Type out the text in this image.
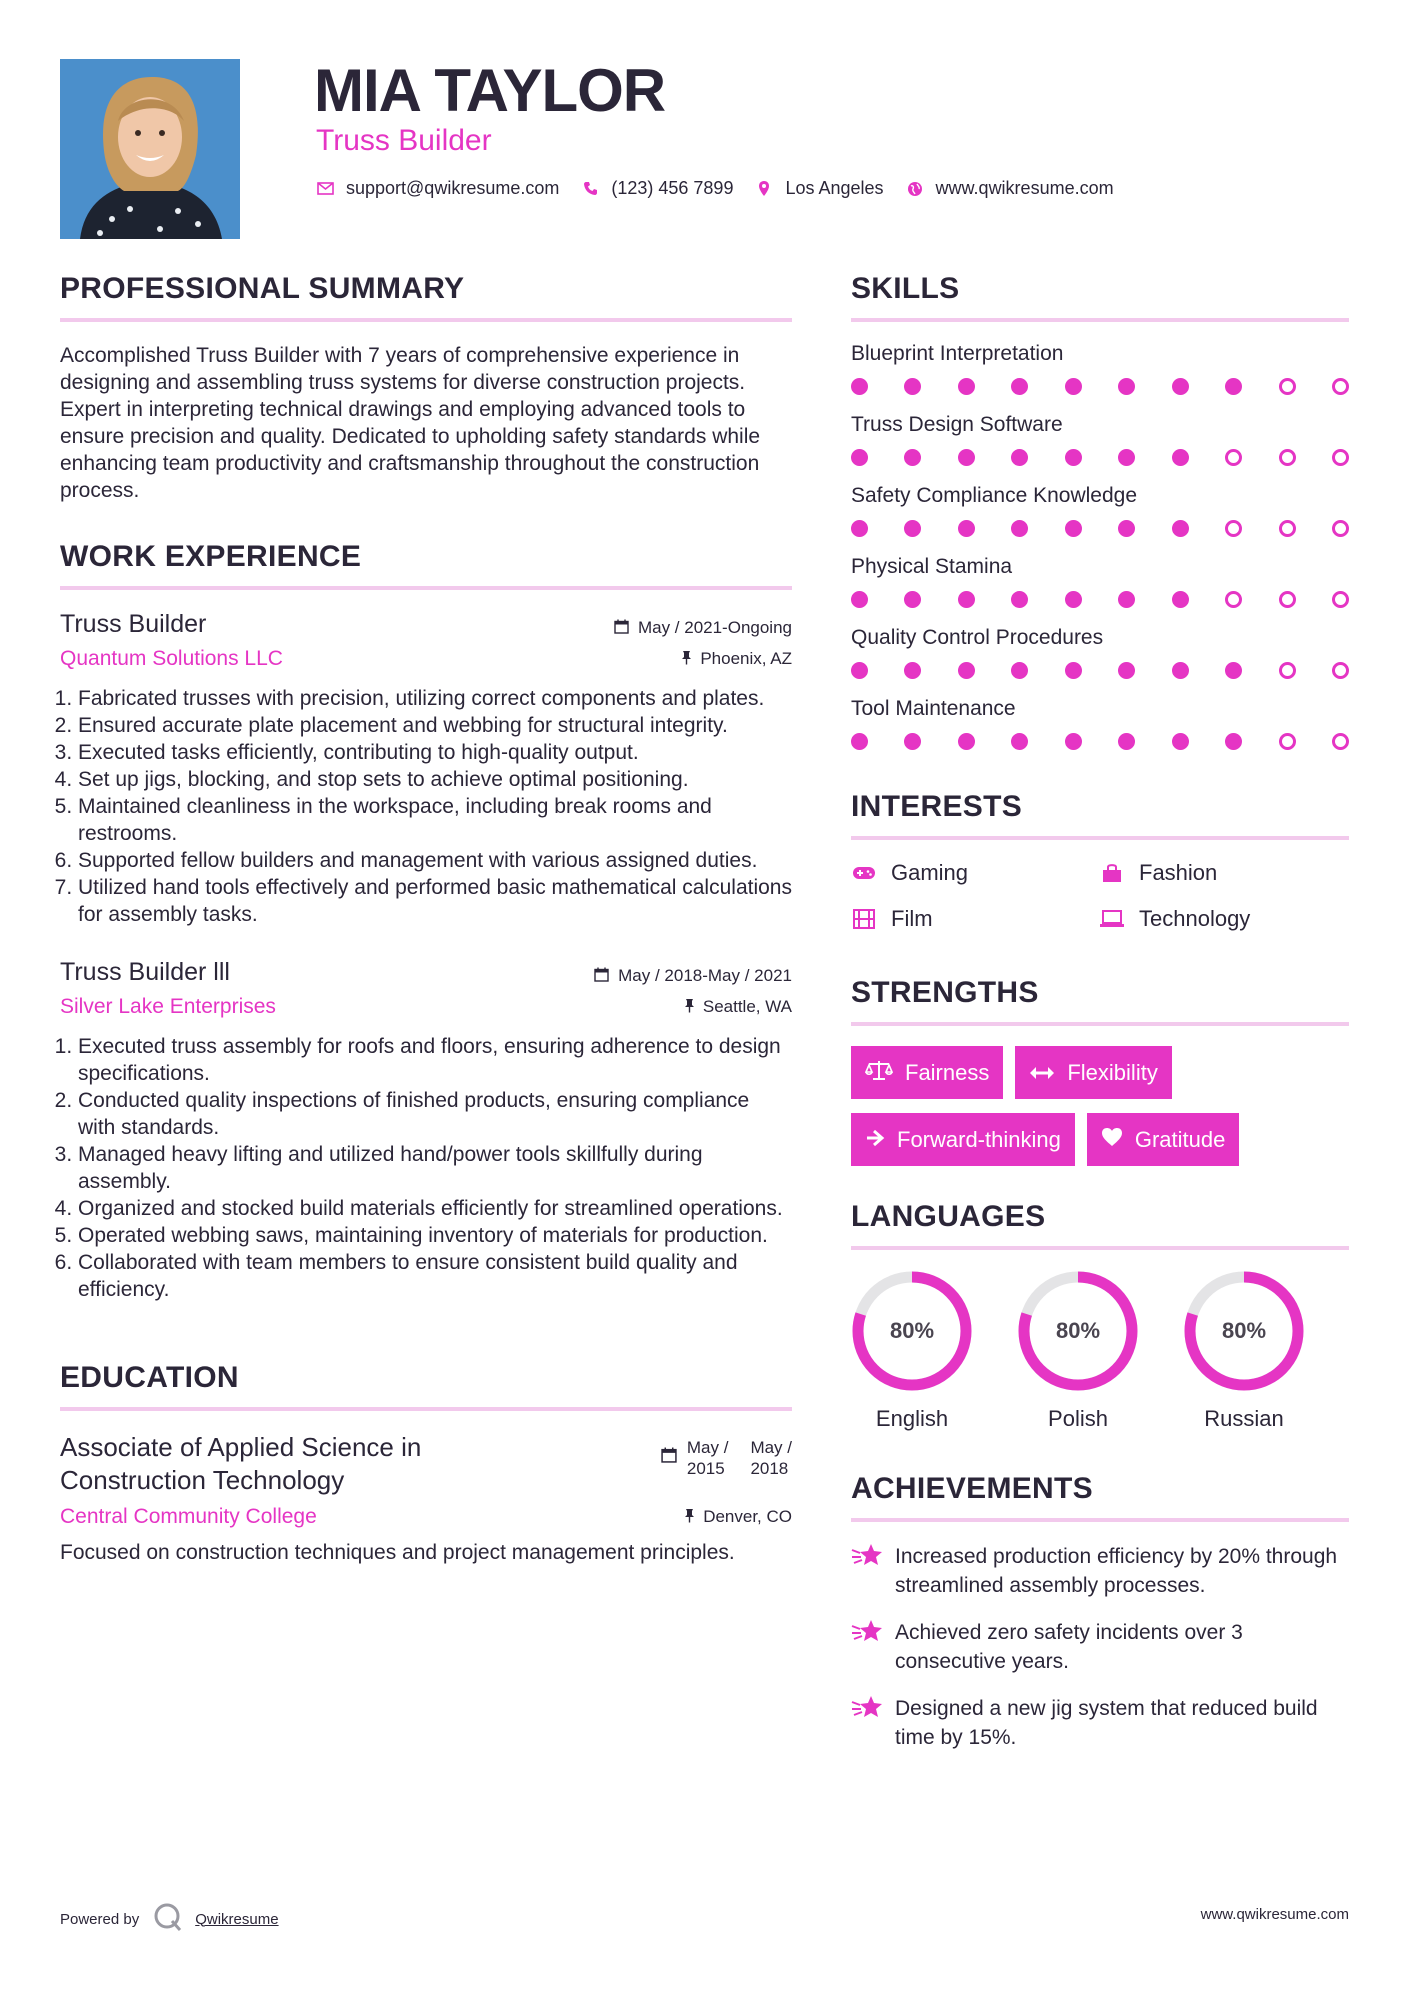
MIA TAYLOR
Truss Builder
support@qwikresume.com	(123) 456 7899	Los Angeles	www.qwikresume.com
PROFESSIONAL SUMMARY
Accomplished Truss Builder with 7 years of comprehensive experience in designing and assembling truss systems for diverse construction projects. Expert in interpreting technical drawings and employing advanced tools to ensure precision and quality. Dedicated to upholding safety standards while enhancing team productivity and craftsmanship throughout the construction process.
WORK EXPERIENCE
Truss Builder	May / 2021-Ongoing
Quantum Solutions LLC	Phoenix, AZ
1. Fabricated trusses with precision, utilizing correct components and plates.
2. Ensured accurate plate placement and webbing for structural integrity.
3. Executed tasks efficiently, contributing to high-quality output.
4. Set up jigs, blocking, and stop sets to achieve optimal positioning.
5. Maintained cleanliness in the workspace, including break rooms and restrooms.
6. Supported fellow builders and management with various assigned duties.
7. Utilized hand tools effectively and performed basic mathematical calculations for assembly tasks.
Truss Builder lll	May / 2018-May / 2021
Silver Lake Enterprises	Seattle, WA
1. Executed truss assembly for roofs and floors, ensuring adherence to design specifications.
2. Conducted quality inspections of finished products, ensuring compliance with standards.
3. Managed heavy lifting and utilized hand/power tools skillfully during assembly.
4. Organized and stocked build materials efficiently for streamlined operations.
5. Operated webbing saws, maintaining inventory of materials for production.
6. Collaborated with team members to ensure consistent build quality and efficiency.
EDUCATION
Associate of Applied Science in Construction Technology
May /
2015
May /
2018
Central Community College	Denver, CO
Focused on construction techniques and project management principles.
SKILLS
Blueprint Interpretation
Truss Design Software
Safety Compliance Knowledge
Physical Stamina
Quality Control Procedures
Tool Maintenance
INTERESTS
Gaming	Fashion
Film	Technology
STRENGTHS
Fairness	Flexibility
Forward-thinking	Gratitude
LANGUAGES
80%
English
80%
Polish
80%
Russian
ACHIEVEMENTS
Increased production efficiency by 20% through streamlined assembly processes.
Achieved zero safety incidents over 3 consecutive years.
Designed a new jig system that reduced build time by 15%.
Powered by	Qwikresume	www.qwikresume.com
